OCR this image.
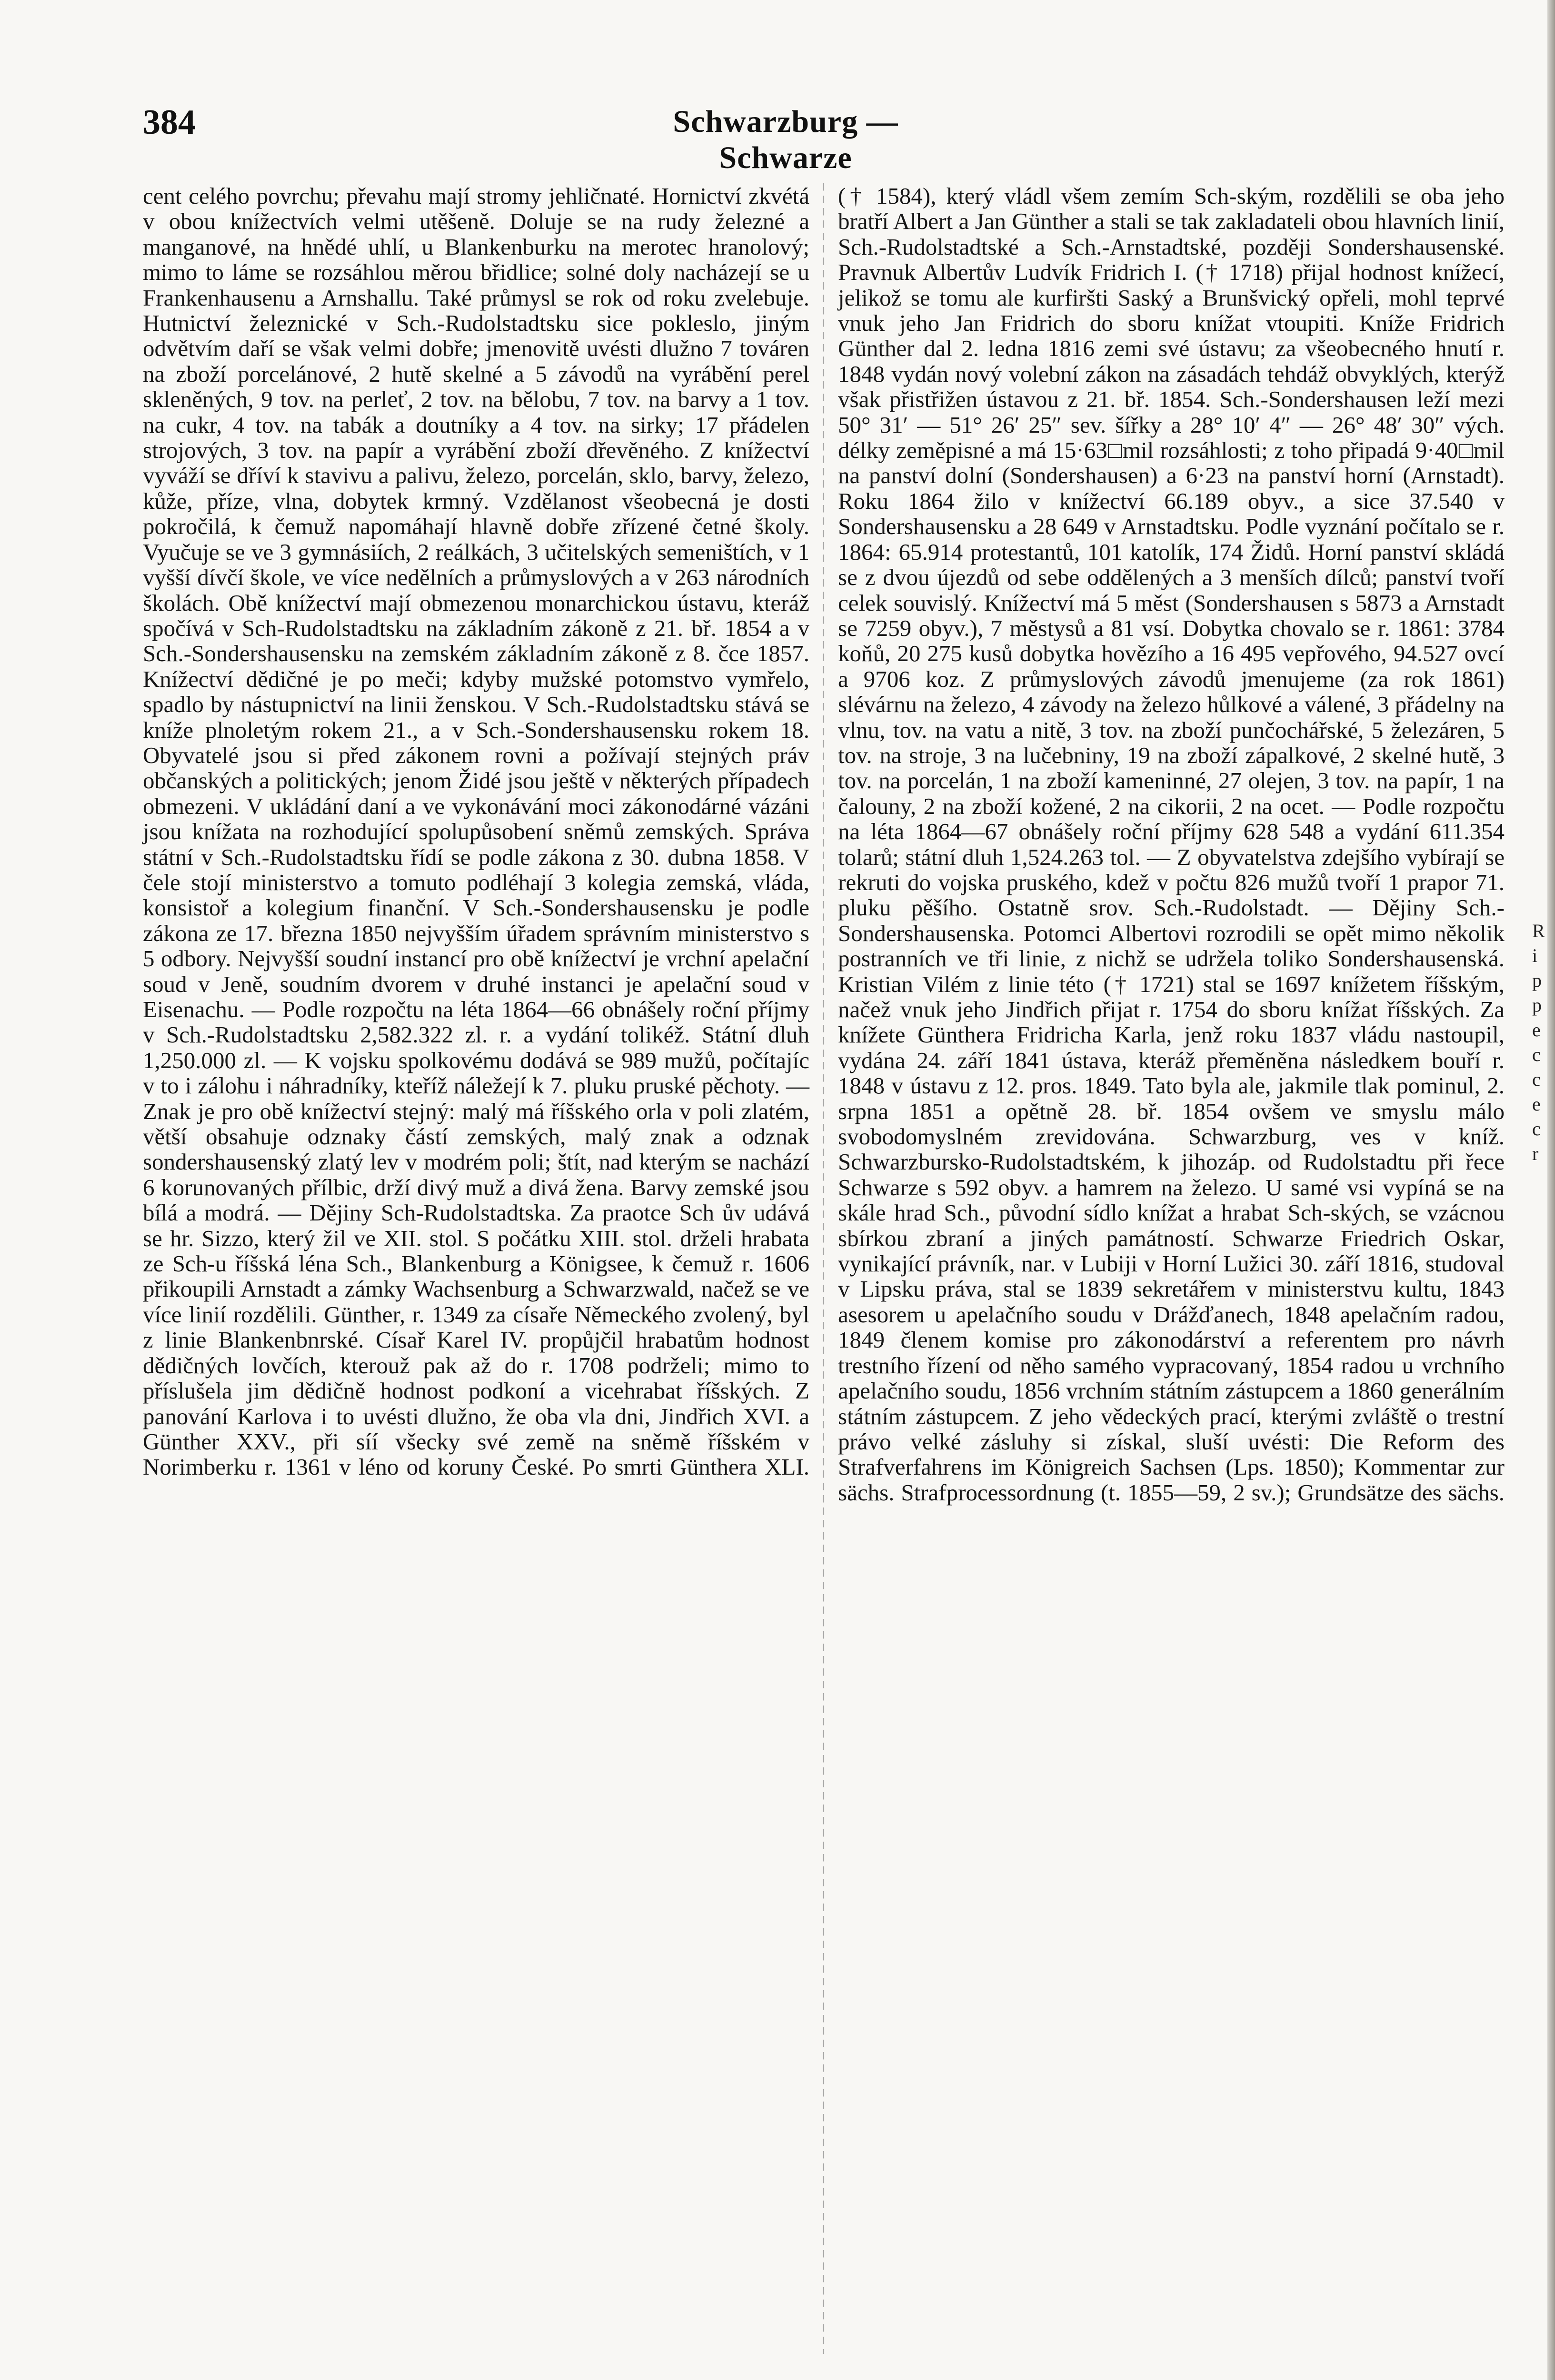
384	Schwarzburg — Schwarze

cent celého povrchu; převahu mají stromy jehličnaté. Hornictví zkvétá v obou knížectvích velmi utěšeně. Doluje se na rudy železné a manganové, na hnědé uhlí, u Blankenburku na merotec hranolový; mimo to láme se rozsáhlou měrou břidlice; solné doly nacházejí se u Frankenhausenu a Arnshallu. Také průmysl se rok od roku zvelebuje. Hutnictví železnické v Sch.-Rudolstadtsku sice pokleslo, jiným odvětvím daří se však velmi dobře; jmenovitě uvésti dlužno 7 továren na zboží porcelánové, 2 hutě skelné a 5 závodů na vyrábění perel skleněných, 9 tov. na perleť, 2 tov. na bělobu, 7 tov. na barvy a 1 tov. na cukr, 4 tov. na tabák a doutníky a 4 tov. na sirky; 17 přádelen strojových, 3 tov. na papír a vyrábění zboží dřevěného. Z knížectví vyváží se dříví k stavivu a palivu, železo, porcelán, sklo, barvy, železo, kůže, příze, vlna, dobytek krmný. Vzdělanost všeobecná je dosti pokročilá, k čemuž napomáhají hlavně dobře zřízené četné školy. Vyučuje se ve 3 gymnásiích, 2 reálkách, 3 učitelských semeništích, v 1 vyšší dívčí škole, ve více nedělních a průmyslových a v 263 národních školách. Obě knížectví mají obmezenou monarchickou ústavu, kteráž spočívá v Sch-Rudolstadtsku na základním zákoně z 21. bř. 1854 a v Sch.-Sondershausensku na zemském základním zákoně z 8. čce 1857. Knížectví dědičné je po meči; kdyby mužské potomstvo vymřelo, spadlo by nástupnictví na linii ženskou. V Sch.-Rudolstadtsku stává se kníže plnoletým rokem 21., a v Sch.-Sondershausensku rokem 18. Obyvatelé jsou si před zákonem rovni a požívají stejných práv občanských a politických; jenom Židé jsou ještě v některých případech obmezeni. V ukládání daní a ve vykonávání moci zákonodárné vázáni jsou knížata na rozhodující spolupůsobení sněmů zemských. Správa státní v Sch.-Rudolstadtsku řídí se podle zákona z 30. dubna 1858. V čele stojí ministerstvo a tomuto podléhají 3 kolegia zemská, vláda, konsistoř a kolegium finanční. V Sch.-Sondershausensku je podle zákona ze 17. března 1850 nejvyšším úřadem správním ministerstvo s 5 odbory. Nejvyšší soudní instancí pro obě knížectví je vrchní apelační soud v Jeně, soudním dvorem v druhé instanci je apelační soud v Eisenachu. — Podle rozpočtu na léta 1864—66 obnášely roční příjmy v Sch.-Rudolstadtsku 2,582.322 zl. r. a vydání tolikéž. Státní dluh 1,250.000 zl. — K vojsku spolkovému dodává se 989 mužů, počítajíc v to i zálohu i náhradníky, kteříž náležejí k 7. pluku pruské pěchoty. — Znak je pro obě knížectví stejný: malý má říšského orla v poli zlatém, větší obsahuje odznaky částí zemských, malý znak a odznak sondershausenský zlatý lev v modrém poli; štít, nad kterým se nachází 6 korunovaných přílbic, drží divý muž a divá žena. Barvy zemské jsou bílá a modrá. — Dějiny Sch-Rudolstadtska. Za praotce Sch ův udává se hr. Sizzo, který žil ve XII. stol. S počátku XIII. stol. drželi hrabata ze Sch-u říšská léna Sch., Blankenburg a Königsee, k čemuž r. 1606 přikoupili Arnstadt a zámky Wachsenburg a Schwarzwald, načež se ve více linií rozdělili. Günther, r. 1349 za císaře Německého zvolený, byl z linie Blankenbnrské. Císař Karel IV. propůjčil hrabatům hodnost dědičných lovčích, kterouž pak až do r. 1708 podrželi; mimo to příslušela jim dědičně hodnost podkoní a vicehrabat říšských. Z panování Karlova i to uvésti dlužno, že oba vla dni, Jindřich XVI. a Günther XXV., při síí všecky své země na sněmě říšském v Norimberku r. 1361 v léno od koruny České. Po smrti Günthera XLI.

(† 1584), který vládl všem zemím Sch-ským, rozdělili se oba jeho bratří Albert a Jan Günther a stali se tak zakladateli obou hlavních linií, Sch.-Rudolstadtské a Sch.-Arnstadtské, později Sondershausenské. Pravnuk Albertův Ludvík Fridrich I. († 1718) přijal hodnost knížecí, jelikož se tomu ale kurfiršti Saský a Brunšvický opřeli, mohl teprvé vnuk jeho Jan Fridrich do sboru knížat vtoupiti. Kníže Fridrich Günther dal 2. ledna 1816 zemi své ústavu; za všeobecného hnutí r. 1848 vydán nový volební zákon na zásadách tehdáž obvyklých, kterýž však přistřižen ústavou z 21. bř. 1854. Sch.-Sondershausen leží mezi 50° 31′ — 51° 26′ 25″ sev. šířky a 28° 10′ 4″ — 26° 48′ 30″ vých. délky zeměpisné a má 15·63□mil rozsáhlosti; z toho připadá 9·40□mil na panství dolní (Sondershausen) a 6·23 na panství horní (Arnstadt). Roku 1864 žilo v knížectví 66.189 obyv., a sice 37.540 v Sondershausensku a 28 649 v Arnstadtsku. Podle vyznání počítalo se r. 1864: 65.914 protestantů, 101 katolík, 174 Židů. Horní panství skládá se z dvou újezdů od sebe oddělených a 3 menších dílců; panství tvoří celek souvislý. Knížectví má 5 měst (Sondershausen s 5873 a Arnstadt se 7259 obyv.), 7 městysů a 81 vsí. Dobytka chovalo se r. 1861: 3784 koňů, 20 275 kusů dobytka hovězího a 16 495 vepřového, 94.527 ovcí a 9706 koz. Z průmyslových závodů jmenujeme (za rok 1861) slévárnu na železo, 4 závody na železo hůlkové a válené, 3 přádelny na vlnu, tov. na vatu a nitě, 3 tov. na zboží punčochářské, 5 železáren, 5 tov. na stroje, 3 na lučebniny, 19 na zboží zápalkové, 2 skelné hutě, 3 tov. na porcelán, 1 na zboží kameninné, 27 olejen, 3 tov. na papír, 1 na čalouny, 2 na zboží kožené, 2 na cikorii, 2 na ocet. — Podle rozpočtu na léta 1864—67 obnášely roční příjmy 628 548 a vydání 611.354 tolarů; státní dluh 1,524.263 tol. — Z obyvatelstva zdejšího vybírají se rekruti do vojska pruského, kdež v počtu 826 mužů tvoří 1 prapor 71. pluku pěšího. Ostatně srov. Sch.-Rudolstadt. — Dějiny Sch.-Sondershausenska. Potomci Albertovi rozrodili se opět mimo několik postranních ve tři linie, z nichž se udržela toliko Sondershausenská. Kristian Vilém z linie této († 1721) stal se 1697 knížetem říšským, načež vnuk jeho Jindřich přijat r. 1754 do sboru knížat říšských. Za knížete Günthera Fridricha Karla, jenž roku 1837 vládu nastoupil, vydána 24. září 1841 ústava, kteráž přeměněna následkem bouří r. 1848 v ústavu z 12. pros. 1849. Tato byla ale, jakmile tlak pominul, 2. srpna 1851 a opětně 28. bř. 1854 ovšem ve smyslu málo svobodomyslném zrevidována. Schwarzburg, ves v kníž. Schwarzbursko-Rudolstadtském, k jihozáp. od Rudolstadtu při řece Schwarze s 592 obyv. a hamrem na železo. U samé vsi vypíná se na skále hrad Sch., původní sídlo knížat a hrabat Sch-ských, se vzácnou sbírkou zbraní a jiných památností. Schwarze Friedrich Oskar, vynikající právník, nar. v Lubiji v Horní Lužici 30. září 1816, studoval v Lipsku práva, stal se 1839 sekretářem v ministerstvu kultu, 1843 asesorem u apelačního soudu v Drážďanech, 1848 apelačním radou, 1849 členem komise pro zákonodárství a referentem pro návrh trestního řízení od něho samého vypracovaný, 1854 radou u vrchního apelačního soudu, 1856 vrchním státním zástupcem a 1860 generálním státním zástupcem. Z jeho vědeckých prací, kterými zvláště o trestní právo velké zásluhy si získal, sluší uvésti: Die Reform des Strafverfahrens im Königreich Sachsen (Lps. 1850); Kommentar zur sächs. Strafprocessordnung (t. 1855—59, 2 sv.); Grundsätze des sächs.

R
i
p
p
e
c
c
e
c
r
